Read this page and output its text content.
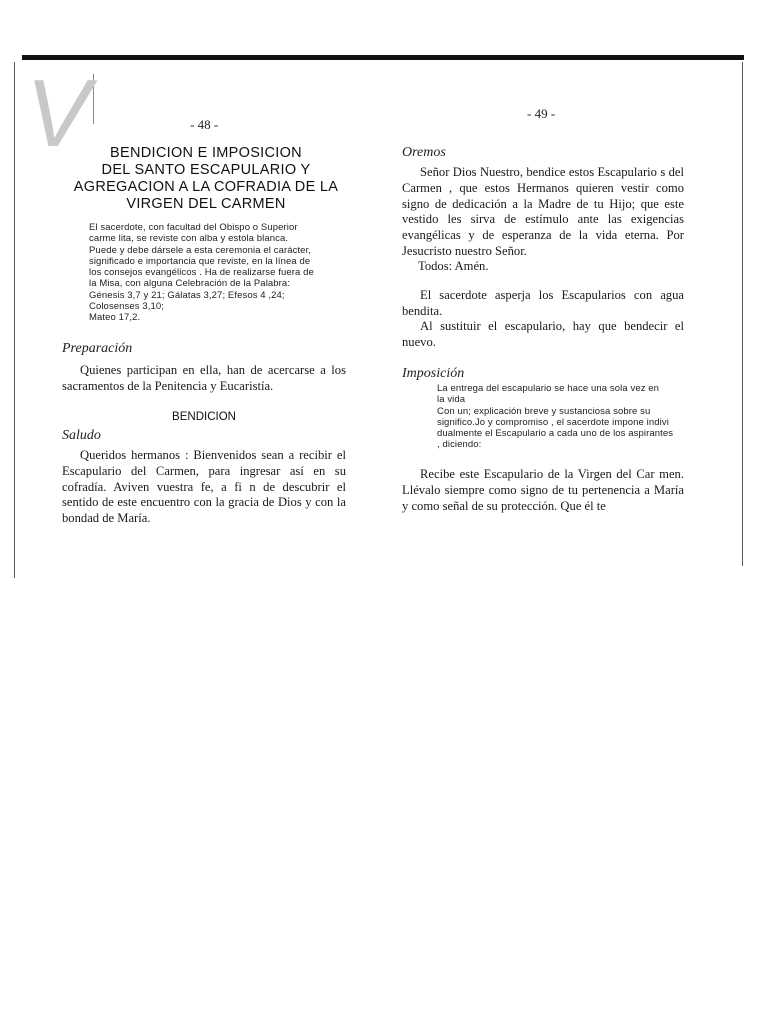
V	- 48 -
BENDICION E IMPOSICION
DEL SANTO ESCAPULARIO Y
AGREGACION A LA COFRADIA DE LA
VIRGEN DEL CARMEN
El sacerdote, con facultad del Obispo o Superior
carme lita, se reviste con alba y estola blanca.
Puede y debe dársele a esta ceremonia el carácter,
significado e importancia que reviste, en la línea de
los consejos evangélicos . Ha de realizarse fuera de
la Misa, con alguna Celebración de la Palabra:
Génesis 3,7 y 21; Gálatas 3,27; Efesos 4 ,24;
Colosenses 3,10;
Mateo 17,2.
Preparación

Quienes participan en ella, han de acercarse a los sacramentos de la Penitencia y Eucaristía.

BENDICION
Saludo

Queridos hermanos : Bienvenidos sean a recibir el Escapulario del Carmen, para ingresar así en su cofradía. Aviven vuestra fe, a fi n de descubrir el sentido de este encuentro con la gracia de Dios y con la bondad de María.

- 49 -
Oremos

Señor Dios Nuestro, bendice estos Escapulario s del Carmen , que estos Hermanos quieren vestir como signo de dedicación a la Madre de tu Hijo; que este vestido les sirva de estímulo ante las exigencias evangélicas y de esperanza de la vida eterna. Por Jesucristo nuestro Señor.

Todos: Amén.

El sacerdote asperja los Escapularios con agua bendita.

Al sustituir el escapulario, hay que bendecir el nuevo.

Imposición
La entrega del escapulario se hace una sola vez en
la vida
Con un; explicación breve y sustanciosa sobre su
significo.Jo y compromiso , el sacerdote impone indivi
dualmente el Escapulario a cada uno de los aspirantes
, diciendo:

Recibe este Escapulario de la Virgen del Car men. Llévalo siempre como signo de tu pertenencia a María y como señal de su protección. Que él te
